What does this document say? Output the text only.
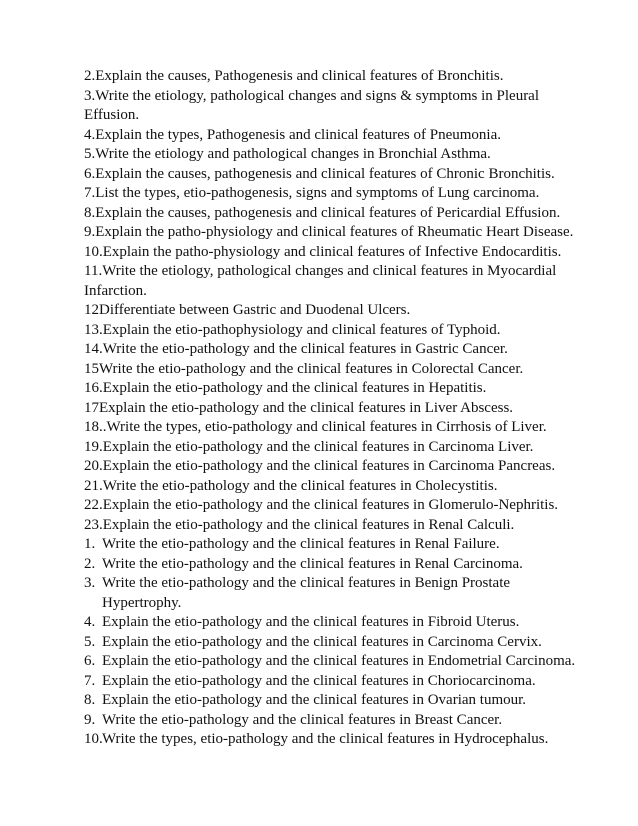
2.Explain the causes, Pathogenesis and clinical features of Bronchitis.

3.Write the etiology, pathological changes and signs & symptoms in Pleural

Effusion.

4.Explain the types, Pathogenesis and clinical features of Pneumonia.

5.Write the etiology and pathological changes in Bronchial Asthma.

6.Explain the causes, pathogenesis and clinical features of Chronic Bronchitis.

7.List the types, etio-pathogenesis, signs and symptoms of Lung carcinoma.

8.Explain the causes, pathogenesis and clinical features of Pericardial Effusion.

9.Explain the patho-physiology and clinical features of Rheumatic Heart Disease.

10.Explain the patho-physiology and clinical features of Infective Endocarditis.

11.Write the etiology, pathological changes and clinical features in Myocardial

Infarction.

12Differentiate between Gastric and Duodenal Ulcers.

13.Explain the etio-pathophysiology and clinical features of Typhoid.

14.Write the etio-pathology and the clinical features in Gastric Cancer.

15Write the etio-pathology and the clinical features in Colorectal Cancer.

16.Explain the etio-pathology and the clinical features in Hepatitis.

17Explain the etio-pathology and the clinical features in Liver Abscess.

18..Write the types, etio-pathology and clinical features in Cirrhosis of Liver.

19.Explain the etio-pathology and the clinical features in Carcinoma Liver.

20.Explain the etio-pathology and the clinical features in Carcinoma Pancreas.

21.Write the etio-pathology and the clinical features in Cholecystitis.

22.Explain the etio-pathology and the clinical features in Glomerulo-Nephritis.

23.Explain the etio-pathology and the clinical features in Renal Calculi.

1. Write the etio-pathology and the clinical features in Renal Failure.
2. Write the etio-pathology and the clinical features in Renal Carcinoma.
3. Write the etio-pathology and the clinical features in Benign Prostate
Hypertrophy.
4. Explain the etio-pathology and the clinical features in Fibroid Uterus.
5. Explain the etio-pathology and the clinical features in Carcinoma Cervix.
6. Explain the etio-pathology and the clinical features in Endometrial Carcinoma.
7. Explain the etio-pathology and the clinical features in Choriocarcinoma.
8. Explain the etio-pathology and the clinical features in Ovarian tumour.
9. Write the etio-pathology and the clinical features in Breast Cancer.
10. Write the types, etio-pathology and the clinical features in Hydrocephalus.
